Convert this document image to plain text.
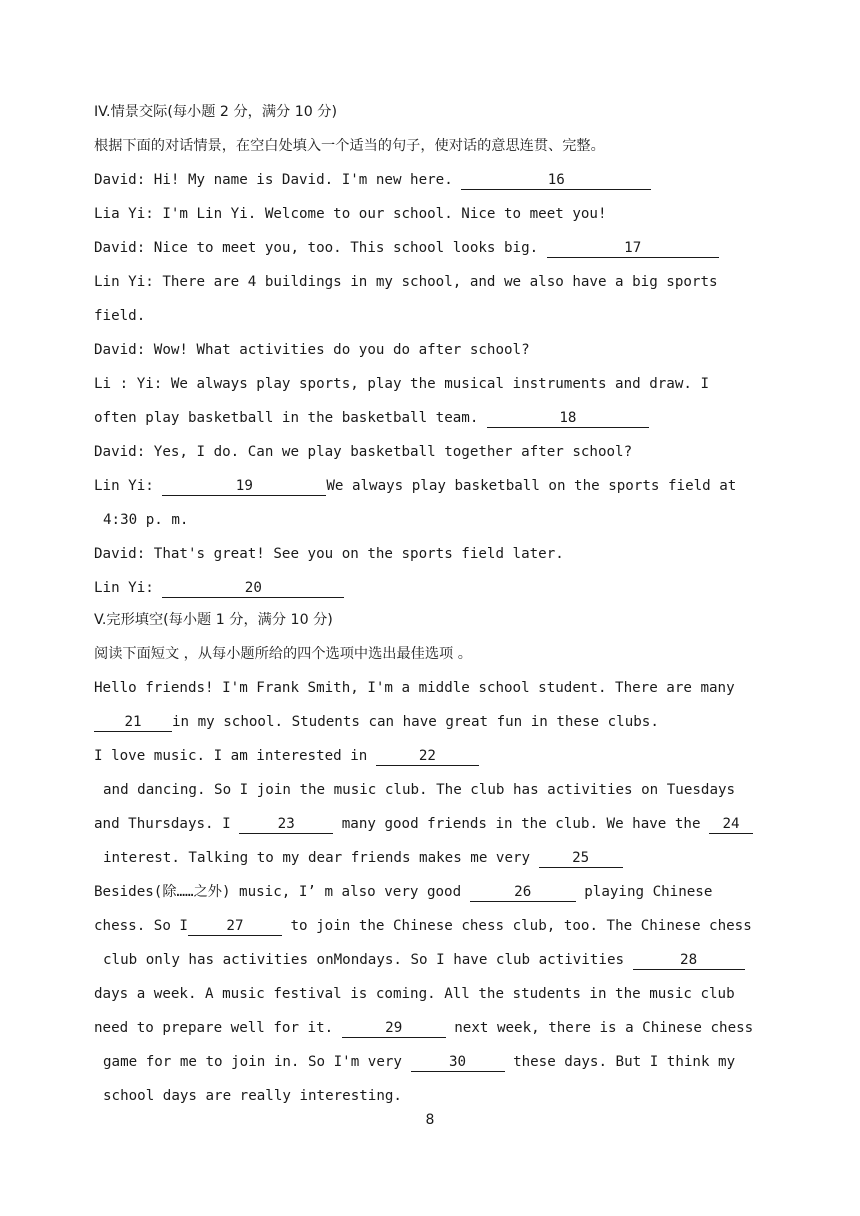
IV.情景交际(每小题 2 分，满分 10 分)
根据下面的对话情景，在空白处填入一个适当的句子，使对话的意思连贯、完整。
David: Hi! My name is David. I'm new here.	16
Lia Yi: I'm Lin Yi. Welcome to our school. Nice to meet you!
David: Nice to meet you, too. This school looks big.	17
Lin Yi: There are 4 buildings in my school, and we also have a big sports
field.
David: Wow! What activities do you do after school?
Li : Yi: We always play sports, play the musical instruments and draw. I
often play basketball in the basketball team.	18
David: Yes, I do. Can we play basketball together after school?
Lin Yi:	19	We always play basketball on the sports field at
4:30 p. m.
David: That's great! See you on the sports field later.
Lin Yi:	20
V.完形填空(每小题 1 分，满分 10 分)
阅读下面短文 ，从每小题所给的四个选项中选出最佳选项 。
Hello friends! I'm Frank Smith, I'm a middle school student. There are many
21 in my school. Students can have great fun in these clubs.
I love music. I am interested in	22
and dancing. So I join the music club. The club has activities on Tuesdays
and Thursdays. I	23	many good friends in the club. We have the 24
interest. Talking to my dear friends makes me very	25
Besides(除……之外) music, I’ m also very good	26	playing Chinese
chess. So I	27	to join the Chinese chess club, too. The Chinese chess
club only has activities onMondays. So I have club activities	28
days a week. A music festival is coming. All the students in the music club
need to prepare well for it.	29	next week, there is a Chinese chess
game for me to join in. So I'm very	30	these days. But I think my
school days are really interesting.
8
